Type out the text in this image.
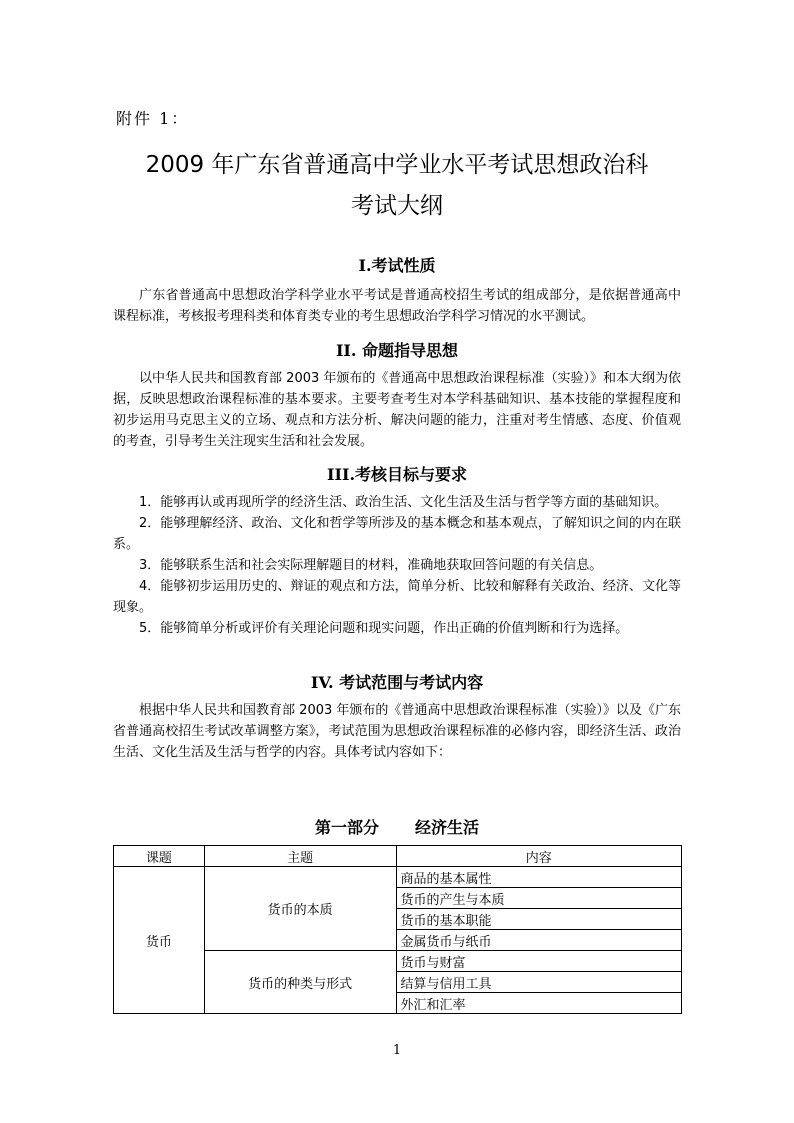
附件 1：
2009 年广东省普通高中学业水平考试思想政治科
考试大纲
Ⅰ.考试性质

广东省普通高中思想政治学科学业水平考试是普通高校招生考试的组成部分，是依据普通高中课程标准，考核报考理科类和体育类专业的考生思想政治学科学习情况的水平测试。

II. 命题指导思想

以中华人民共和国教育部 2003 年颁布的《普通高中思想政治课程标准（实验）》和本大纲为依据，反映思想政治课程标准的基本要求。主要考查考生对本学科基础知识、基本技能的掌握程度和初步运用马克思主义的立场、观点和方法分析、解决问题的能力，注重对考生情感、态度、价值观的考查，引导考生关注现实生活和社会发展。

III.考核目标与要求

1．能够再认或再现所学的经济生活、政治生活、文化生活及生活与哲学等方面的基础知识。

2．能够理解经济、政治、文化和哲学等所涉及的基本概念和基本观点，了解知识之间的内在联系。

3．能够联系生活和社会实际理解题目的材料，准确地获取回答问题的有关信息。

4．能够初步运用历史的、辩证的观点和方法，简单分析、比较和解释有关政治、经济、文化等现象。

5．能够简单分析或评价有关理论问题和现实问题，作出正确的价值判断和行为选择。

IV. 考试范围与考试内容

根据中华人民共和国教育部 2003 年颁布的《普通高中思想政治课程标准（实验）》以及《广东省普通高校招生考试改革调整方案》，考试范围为思想政治课程标准的必修内容，即经济生活、政治生活、文化生活及生活与哲学的内容。具体考试内容如下：

第一部分 经济生活
课题	主题	内容
货币	货币的本质	商品的基本属性
		货币的产生与本质
		货币的基本职能
		金属货币与纸币
	货币的种类与形式	货币与财富
		结算与信用工具
		外汇和汇率
1
